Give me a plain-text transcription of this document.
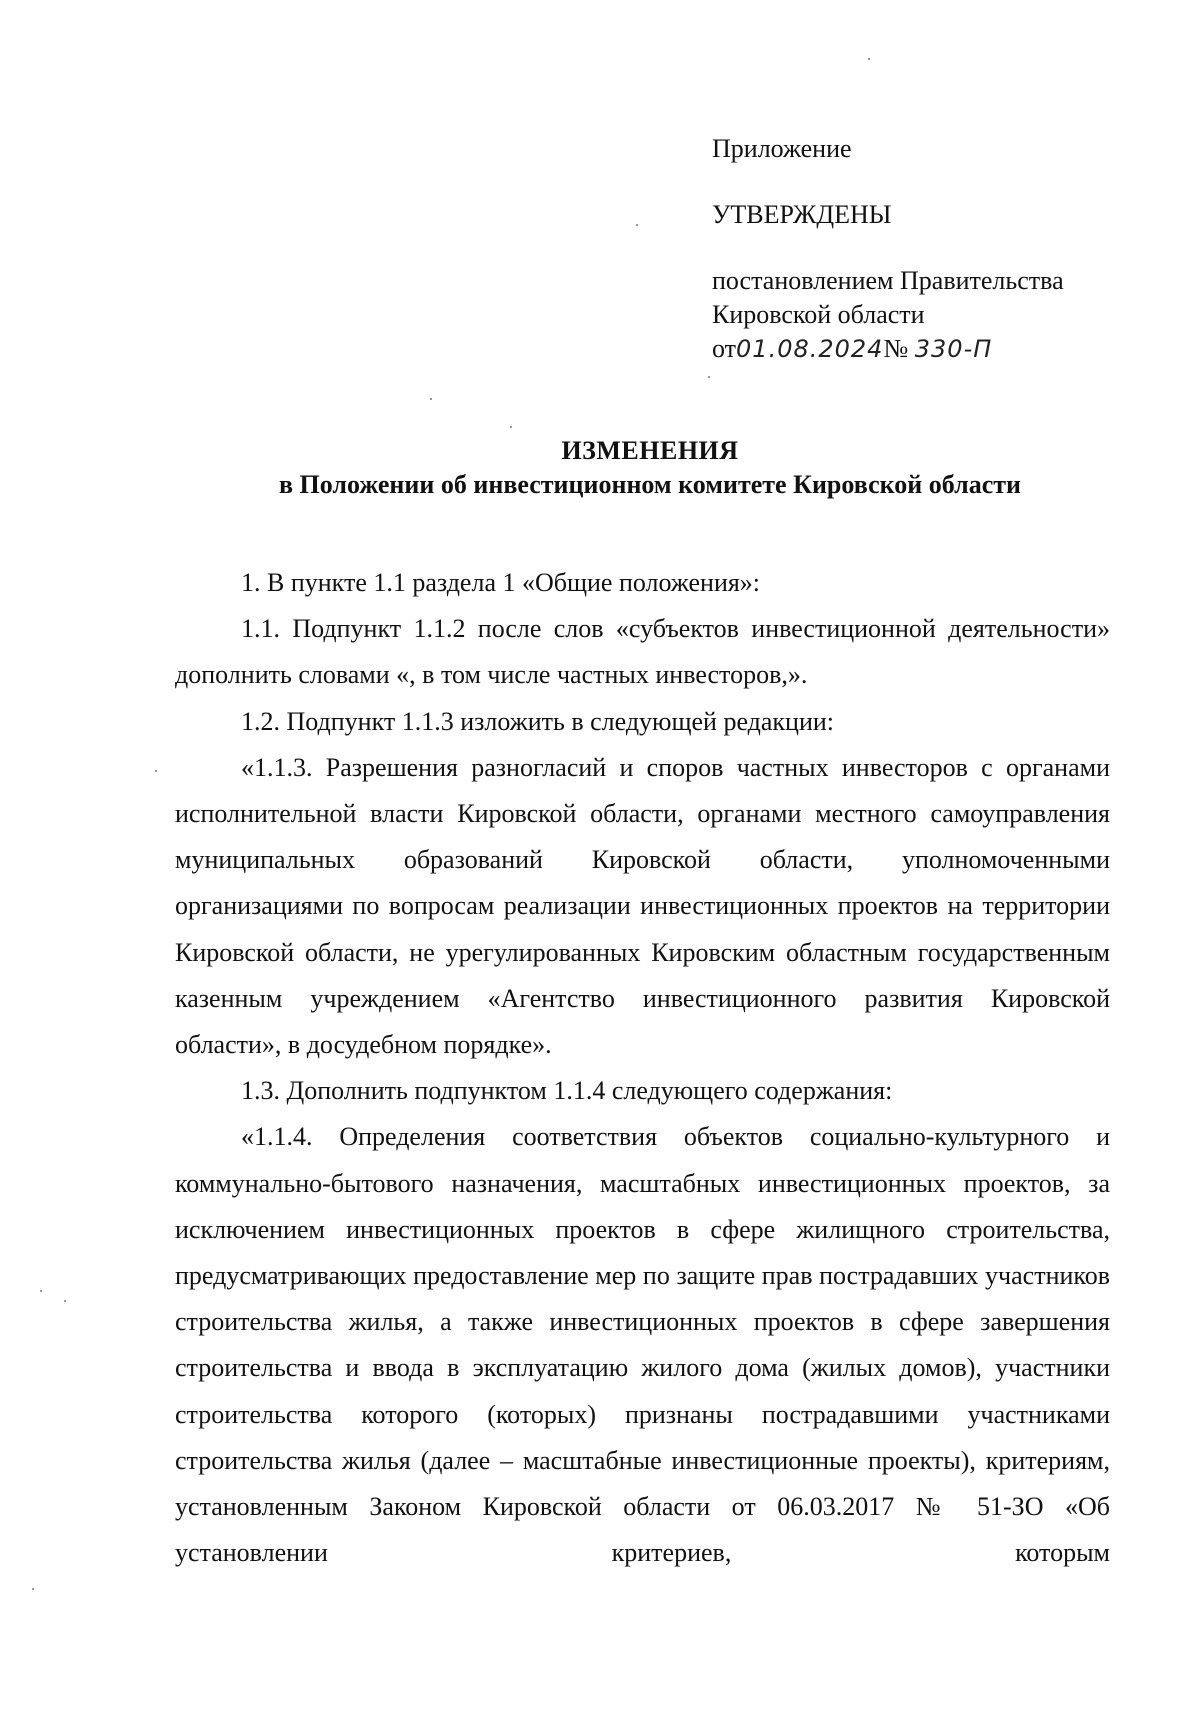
Приложение
УТВЕРЖДЕНЫ
постановлением Правительства
Кировской области
от01.08.2024№ 330-П
ИЗМЕНЕНИЯ
в Положении об инвестиционном комитете Кировской области

1. В пункте 1.1 раздела 1 «Общие положения»:

1.1. Подпункт 1.1.2 после слов «субъектов инвестиционной деятельности» дополнить словами «, в том числе частных инвесторов,».

1.2. Подпункт 1.1.3 изложить в следующей редакции:

«1.1.3. Разрешения разногласий и споров частных инвесторов с органами исполнительной власти Кировской области, органами местного самоуправления муниципальных образований Кировской области, уполномоченными организациями по вопросам реализации инвестиционных проектов на территории Кировской области, не урегулированных Кировским областным государственным казенным учреждением «Агентство инвестиционного развития Кировской области», в досудебном порядке».

1.3. Дополнить подпунктом 1.1.4 следующего содержания:

«1.1.4. Определения соответствия объектов социально-культурного и коммунально-бытового назначения, масштабных инвестиционных проектов, за исключением инвестиционных проектов в сфере жилищного строительства, предусматривающих предоставление мер по защите прав пострадавших участников строительства жилья, а также инвестиционных проектов в сфере завершения строительства и ввода в эксплуатацию жилого дома (жилых домов), участники строительства которого (которых) признаны пострадавшими участниками строительства жилья (далее – масштабные инвестиционные проекты), критериям, установленным Законом Кировской области от 06.03.2017 № 51-ЗО «Об установлении критериев, которым
